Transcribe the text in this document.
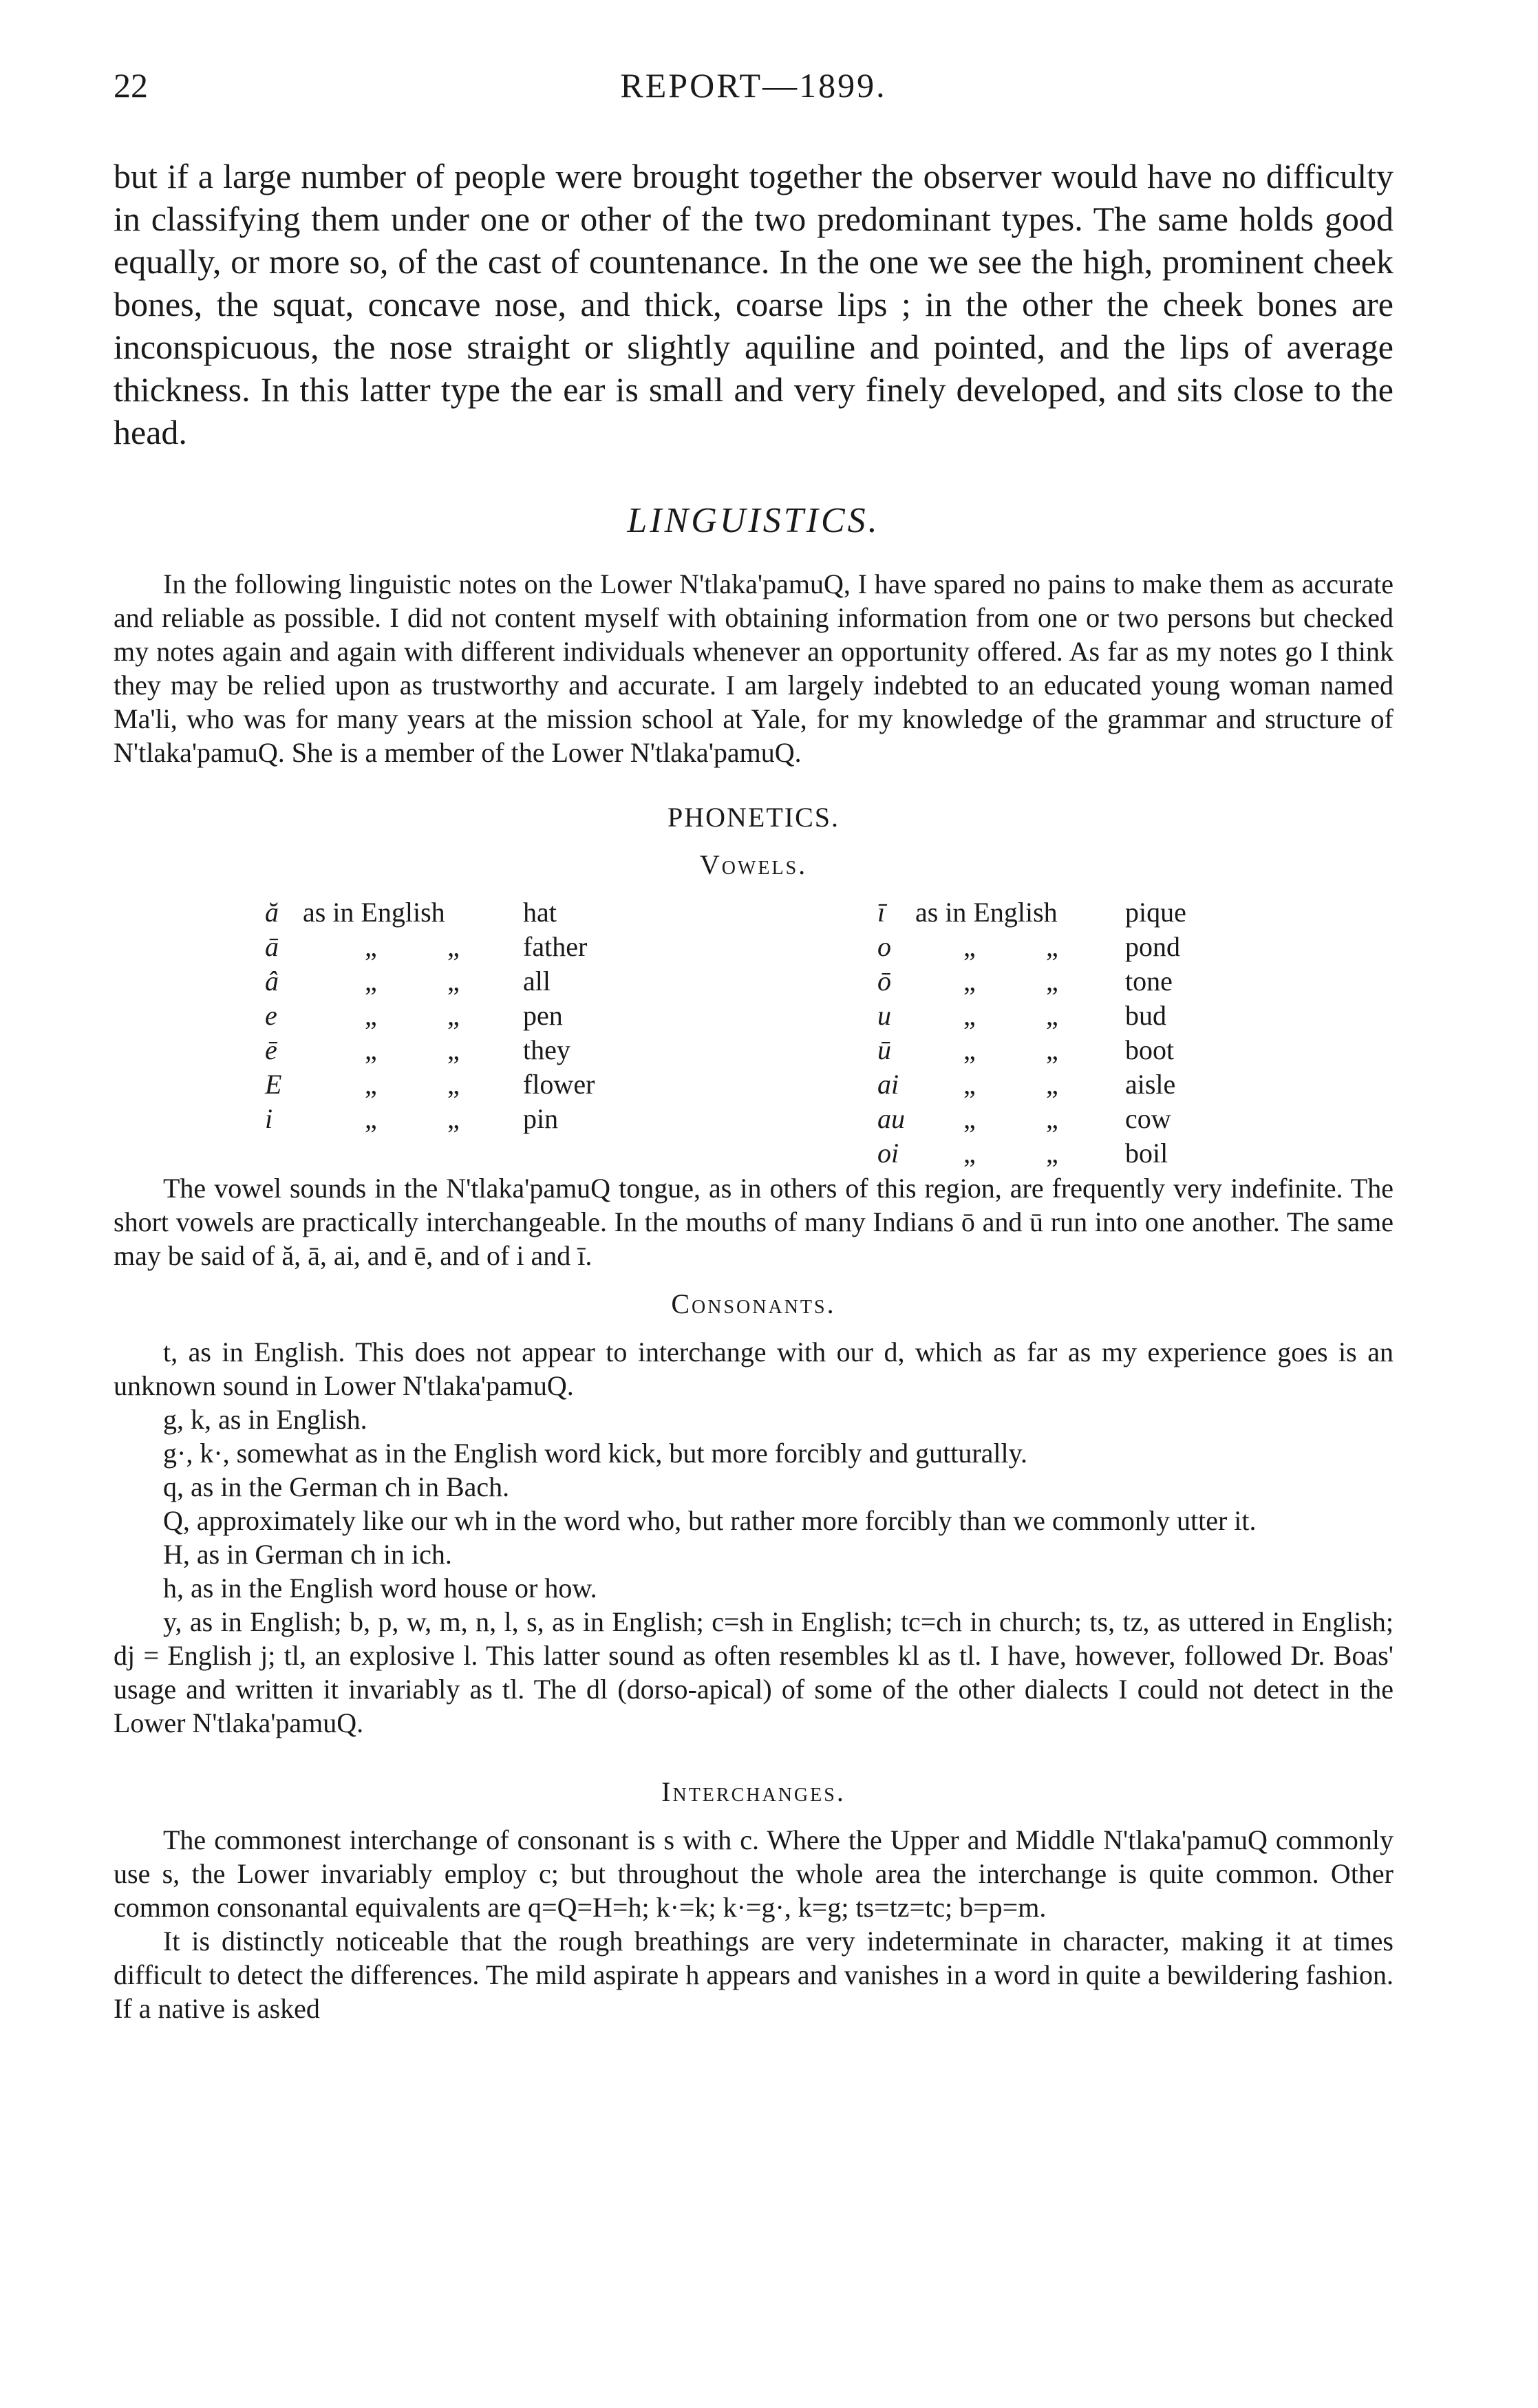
22	REPORT—1899.

but if a large number of people were brought together the observer would have no difficulty in classifying them under one or other of the two predominant types. The same holds good equally, or more so, of the cast of countenance. In the one we see the high, prominent cheek bones, the squat, concave nose, and thick, coarse lips ; in the other the cheek bones are inconspicuous, the nose straight or slightly aquiline and pointed, and the lips of average thickness. In this latter type the ear is small and very finely developed, and sits close to the head.

LINGUISTICS.

In the following linguistic notes on the Lower N'tlaka'pamuQ, I have spared no pains to make them as accurate and reliable as possible. I did not content myself with obtaining information from one or two persons but checked my notes again and again with different individuals whenever an opportunity offered. As far as my notes go I think they may be relied upon as trustworthy and accurate. I am largely indebted to an educated young woman named Ma'li, who was for many years at the mission school at Yale, for my knowledge of the grammar and structure of N'tlaka'pamuQ. She is a member of the Lower N'tlaka'pamuQ.

PHONETICS.
Vowels.
ă as in English	hat
ā	„	„ father
â	„	„ all
e	„	„ pen
ē	„	„ they
E	„	„ flower
i	„	„ pin
ī as in English pique
o	„	„ pond
ō	„	„ tone
u	„	„ bud
ū	„	„ boot
ai „	„ aisle
au „	„ cow
oi „	„ boil

The vowel sounds in the N'tlaka'pamuQ tongue, as in others of this region, are frequently very indefinite. The short vowels are practically interchangeable. In the mouths of many Indians ō and ū run into one another. The same may be said of ă, ā, ai, and ē, and of i and ī.

Consonants.

t, as in English. This does not appear to interchange with our d, which as far as my experience goes is an unknown sound in Lower N'tlaka'pamuQ.

g, k, as in English.

g·, k·, somewhat as in the English word kick, but more forcibly and gutturally.

q, as in the German ch in Bach.

Q, approximately like our wh in the word who, but rather more forcibly than we commonly utter it.

H, as in German ch in ich.

h, as in the English word house or how.

y, as in English; b, p, w, m, n, l, s, as in English; c=sh in English; tc=ch in church; ts, tz, as uttered in English; dj = English j; tl, an explosive l. This latter sound as often resembles kl as tl. I have, however, followed Dr. Boas' usage and written it invariably as tl. The dl (dorso-apical) of some of the other dialects I could not detect in the Lower N'tlaka'pamuQ.

Interchanges.

The commonest interchange of consonant is s with c. Where the Upper and Middle N'tlaka'pamuQ commonly use s, the Lower invariably employ c; but throughout the whole area the interchange is quite common. Other common consonantal equivalents are q=Q=H=h; k·=k; k·=g·, k=g; ts=tz=tc; b=p=m.

It is distinctly noticeable that the rough breathings are very indeterminate in character, making it at times difficult to detect the differences. The mild aspirate h appears and vanishes in a word in quite a bewildering fashion. If a native is asked
